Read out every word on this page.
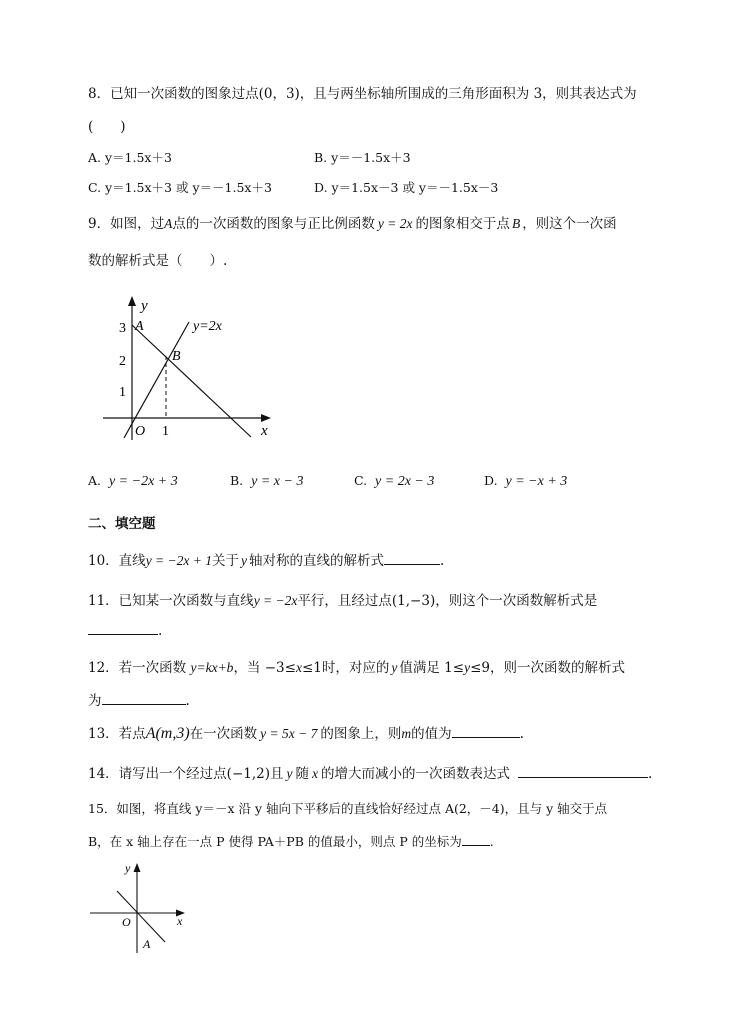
8．已知一次函数的图象过点(0，3)，且与两坐标轴所围成的三角形面积为 3，则其表达式为
(　　)
A. y＝1.5x＋3	B. y＝－1.5x＋3
C. y＝1.5x＋3 或 y＝－1.5x＋3	D. y＝1.5x－3 或 y＝－1.5x－3
9．如图，过A点的一次函数的图象与正比例函数 y = 2x 的图象相交于点 B ，则这个一次函
数的解析式是（　　）.
y
x
O
A
B
y=2x
3
2
1
1
A. y = −2x + 3	B. y = x − 3	C. y = 2x − 3	D. y = −x + 3
二、填空题
10．直线y = −2x + 1关于 y 轴对称的直线的解析式	.
11．已知某一次函数与直线y = −2x平行，且经过点(1,−3)，则这个一次函数解析式是
.
12．若一次函数 y=kx+b，当 −3≤x≤1时，对应的 y 值满足 1≤y≤9，则一次函数的解析式
为	.
13．若点A(m,3)在一次函数 y = 5x − 7 的图象上，则m的值为	.
14．请写出一个经过点(−1,2)且 y 随 x 的增大而减小的一次函数表达式	.
15．如图，将直线 y＝－x 沿 y 轴向下平移后的直线恰好经过点 A(2，－4)，且与 y 轴交于点
B，在 x 轴上存在一点 P 使得 PA＋PB 的值最小，则点 P 的坐标为 .
y
x
O
A
